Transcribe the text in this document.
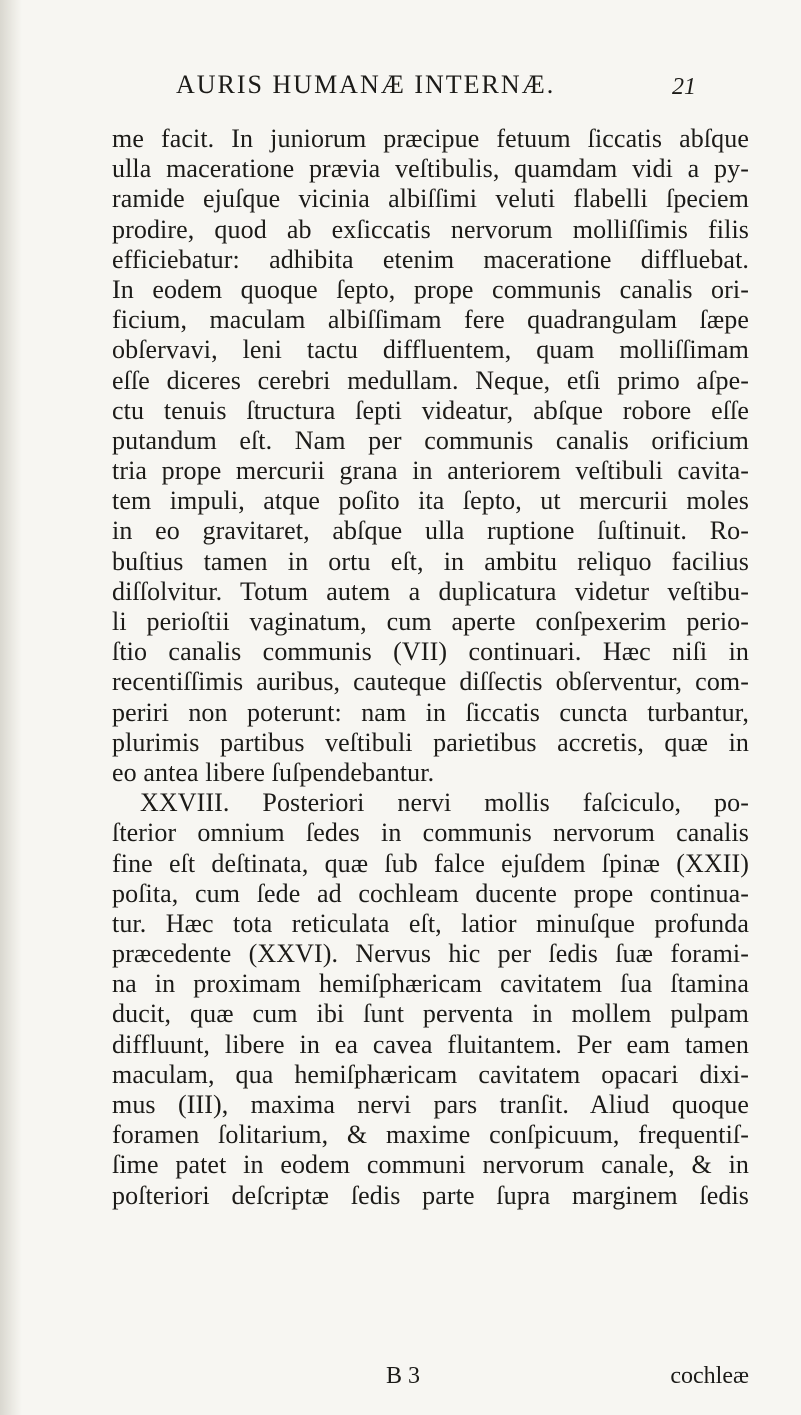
AURIS HUMANÆ INTERNÆ.	21
me facit. In juniorum præcipue fetuum ſiccatis abſque
ulla maceratione prævia veſtibulis, quamdam vidi a py-
ramide ejuſque vicinia albiſſimi veluti flabelli ſpeciem
prodire, quod ab exſiccatis nervorum molliſſimis filis
efficiebatur: adhibita etenim maceratione diffluebat.
In eodem quoque ſepto, prope communis canalis ori-
ficium, maculam albiſſimam fere quadrangulam ſæpe
obſervavi, leni tactu diffluentem, quam molliſſimam
eſſe diceres cerebri medullam. Neque, etſi primo aſpe-
ctu tenuis ſtructura ſepti videatur, abſque robore eſſe
putandum eſt. Nam per communis canalis orificium
tria prope mercurii grana in anteriorem veſtibuli cavita-
tem impuli, atque poſito ita ſepto, ut mercurii moles
in eo gravitaret, abſque ulla ruptione ſuſtinuit. Ro-
buſtius tamen in ortu eſt, in ambitu reliquo facilius
diſſolvitur. Totum autem a duplicatura videtur veſtibu-
li perioſtii vaginatum, cum aperte conſpexerim perio-
ſtio canalis communis (VII) continuari. Hæc niſi in
recentiſſimis auribus, cauteque diſſectis obſerventur, com-
periri non poterunt: nam in ſiccatis cuncta turbantur,
plurimis partibus veſtibuli parietibus accretis, quæ in
eo antea libere ſuſpendebantur.
XXVIII. Posteriori nervi mollis faſciculo, po-
ſterior omnium ſedes in communis nervorum canalis
fine eſt deſtinata, quæ ſub falce ejuſdem ſpinæ (XXII)
poſita, cum ſede ad cochleam ducente prope continua-
tur. Hæc tota reticulata eſt, latior minuſque profunda
præcedente (XXVI). Nervus hic per ſedis ſuæ forami-
na in proximam hemiſphæricam cavitatem ſua ſtamina
ducit, quæ cum ibi ſunt perventa in mollem pulpam
diffluunt, libere in ea cavea fluitantem. Per eam tamen
maculam, qua hemiſphæricam cavitatem opacari dixi-
mus (III), maxima nervi pars tranſit. Aliud quoque
foramen ſolitarium, & maxime conſpicuum, frequentiſ-
ſime patet in eodem communi nervorum canale, & in
poſteriori deſcriptæ ſedis parte ſupra marginem ſedis
B 3	cochleæ
